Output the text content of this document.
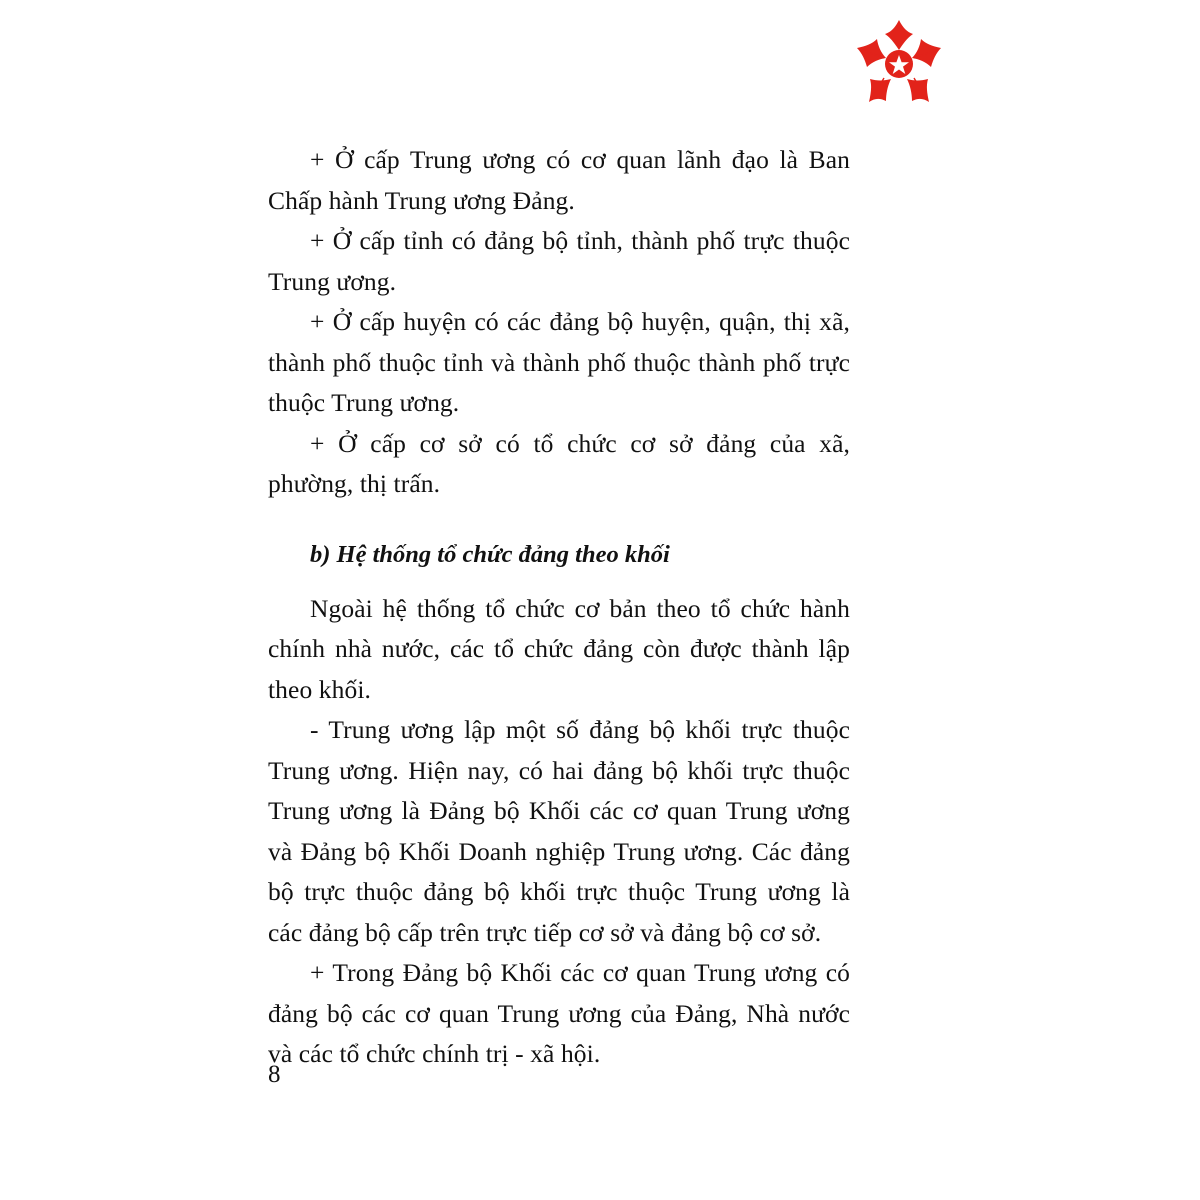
+ Ở cấp Trung ương có cơ quan lãnh đạo là Ban Chấp hành Trung ương Đảng.

+ Ở cấp tỉnh có đảng bộ tỉnh, thành phố trực thuộc Trung ương.

+ Ở cấp huyện có các đảng bộ huyện, quận, thị xã, thành phố thuộc tỉnh và thành phố thuộc thành phố trực thuộc Trung ương.

+ Ở cấp cơ sở có tổ chức cơ sở đảng của xã, phường, thị trấn.

b) Hệ thống tổ chức đảng theo khối

Ngoài hệ thống tổ chức cơ bản theo tổ chức hành chính nhà nước, các tổ chức đảng còn được thành lập theo khối.

- Trung ương lập một số đảng bộ khối trực thuộc Trung ương. Hiện nay, có hai đảng bộ khối trực thuộc Trung ương là Đảng bộ Khối các cơ quan Trung ương và Đảng bộ Khối Doanh nghiệp Trung ương. Các đảng bộ trực thuộc đảng bộ khối trực thuộc Trung ương là các đảng bộ cấp trên trực tiếp cơ sở và đảng bộ cơ sở.

+ Trong Đảng bộ Khối các cơ quan Trung ương có đảng bộ các cơ quan Trung ương của Đảng, Nhà nước và các tổ chức chính trị - xã hội.

8
